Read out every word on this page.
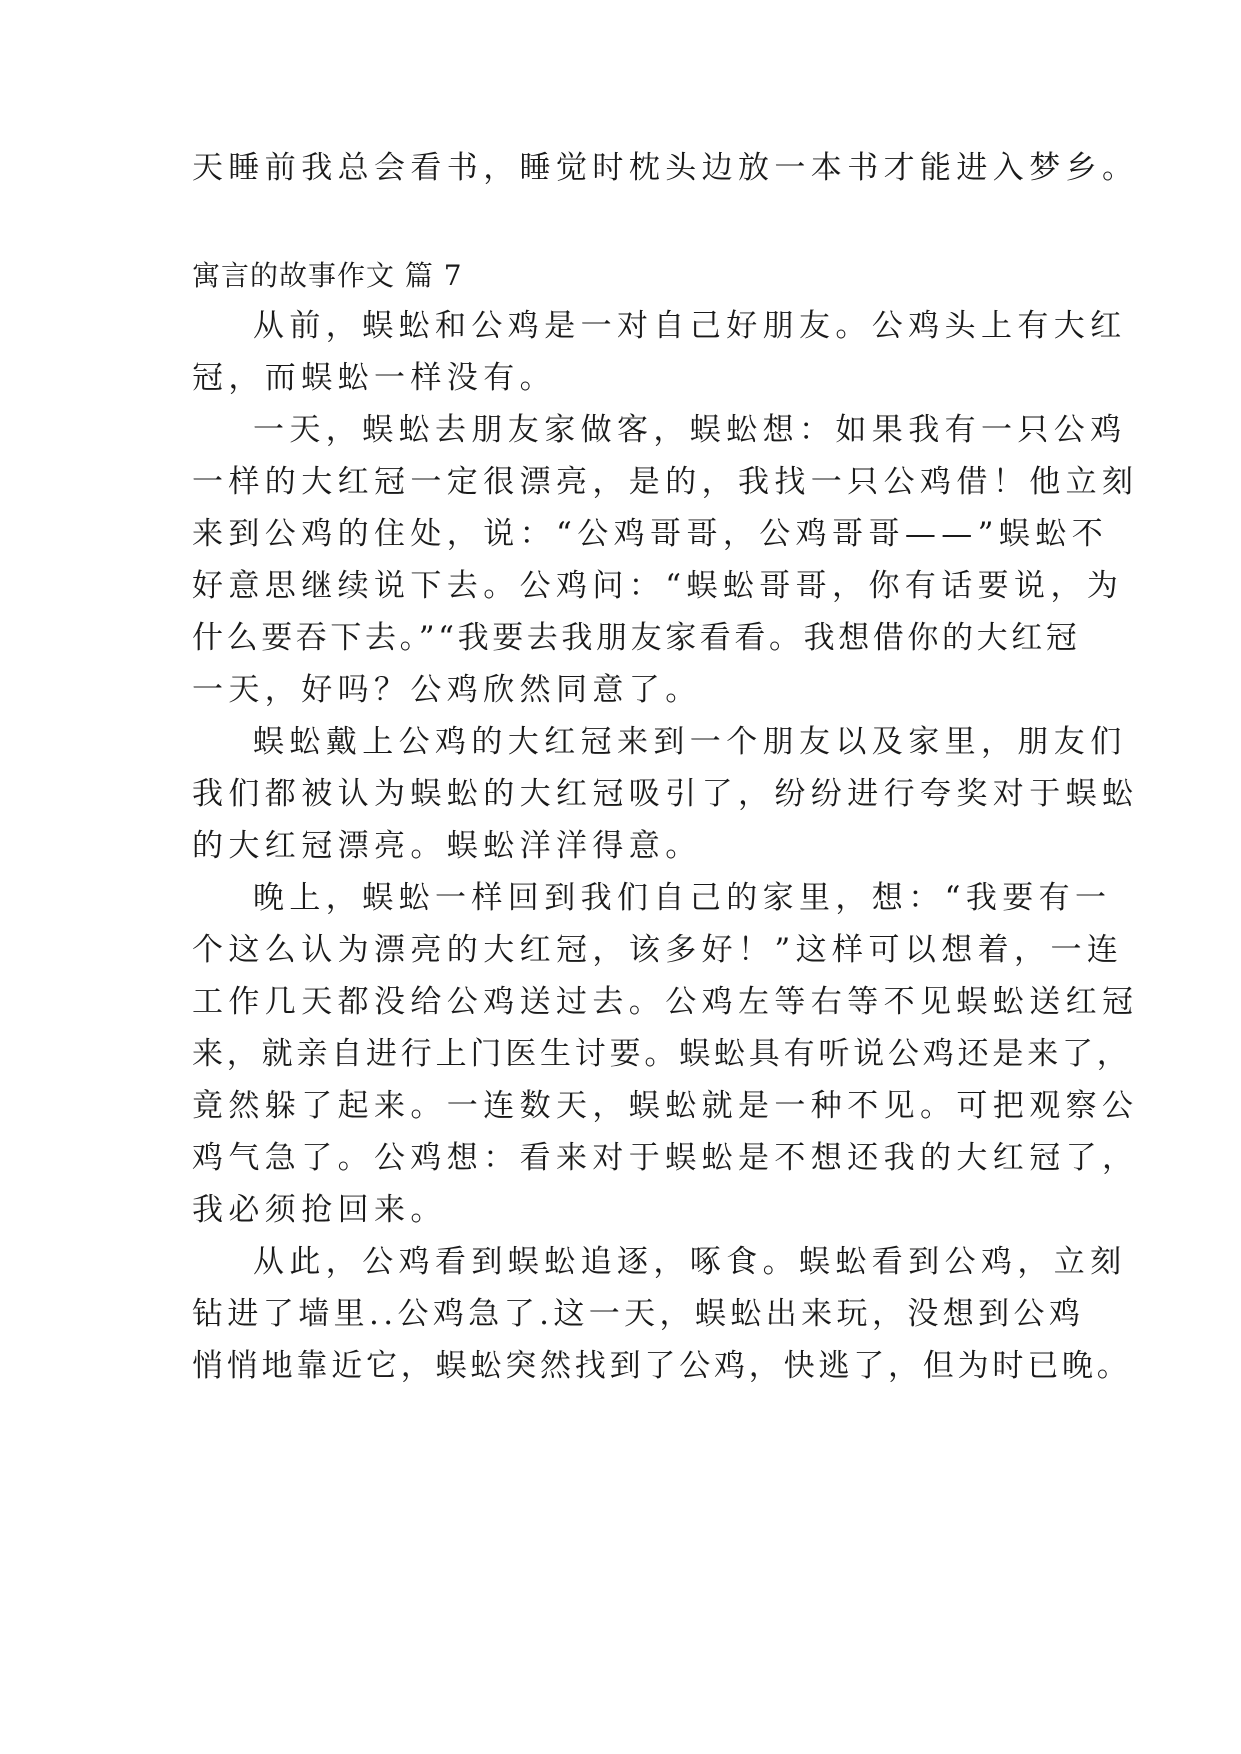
天睡前我总会看书，睡觉时枕头边放一本书才能进入梦乡。
寓言的故事作文 篇 7
从前，蜈蚣和公鸡是一对自己好朋友。公鸡头上有大红
冠，而蜈蚣一样没有。
一天，蜈蚣去朋友家做客，蜈蚣想：如果我有一只公鸡
一样的大红冠一定很漂亮，是的，我找一只公鸡借！他立刻
来到公鸡的住处，说：“公鸡哥哥，公鸡哥哥——”蜈蚣不
好意思继续说下去。公鸡问：“蜈蚣哥哥，你有话要说，为
什么要吞下去。”“我要去我朋友家看看。我想借你的大红冠
一天，好吗？公鸡欣然同意了。
蜈蚣戴上公鸡的大红冠来到一个朋友以及家里，朋友们
我们都被认为蜈蚣的大红冠吸引了，纷纷进行夸奖对于蜈蚣
的大红冠漂亮。蜈蚣洋洋得意。
晚上，蜈蚣一样回到我们自己的家里，想：“我要有一
个这么认为漂亮的大红冠，该多好！”这样可以想着，一连
工作几天都没给公鸡送过去。公鸡左等右等不见蜈蚣送红冠
来，就亲自进行上门医生讨要。蜈蚣具有听说公鸡还是来了，
竟然躲了起来。一连数天，蜈蚣就是一种不见。可把观察公
鸡气急了。公鸡想：看来对于蜈蚣是不想还我的大红冠了，
我必须抢回来。
从此，公鸡看到蜈蚣追逐，啄食。蜈蚣看到公鸡，立刻
钻进了墙里..公鸡急了.这一天，蜈蚣出来玩，没想到公鸡
悄悄地靠近它，蜈蚣突然找到了公鸡，快逃了，但为时已晚。
